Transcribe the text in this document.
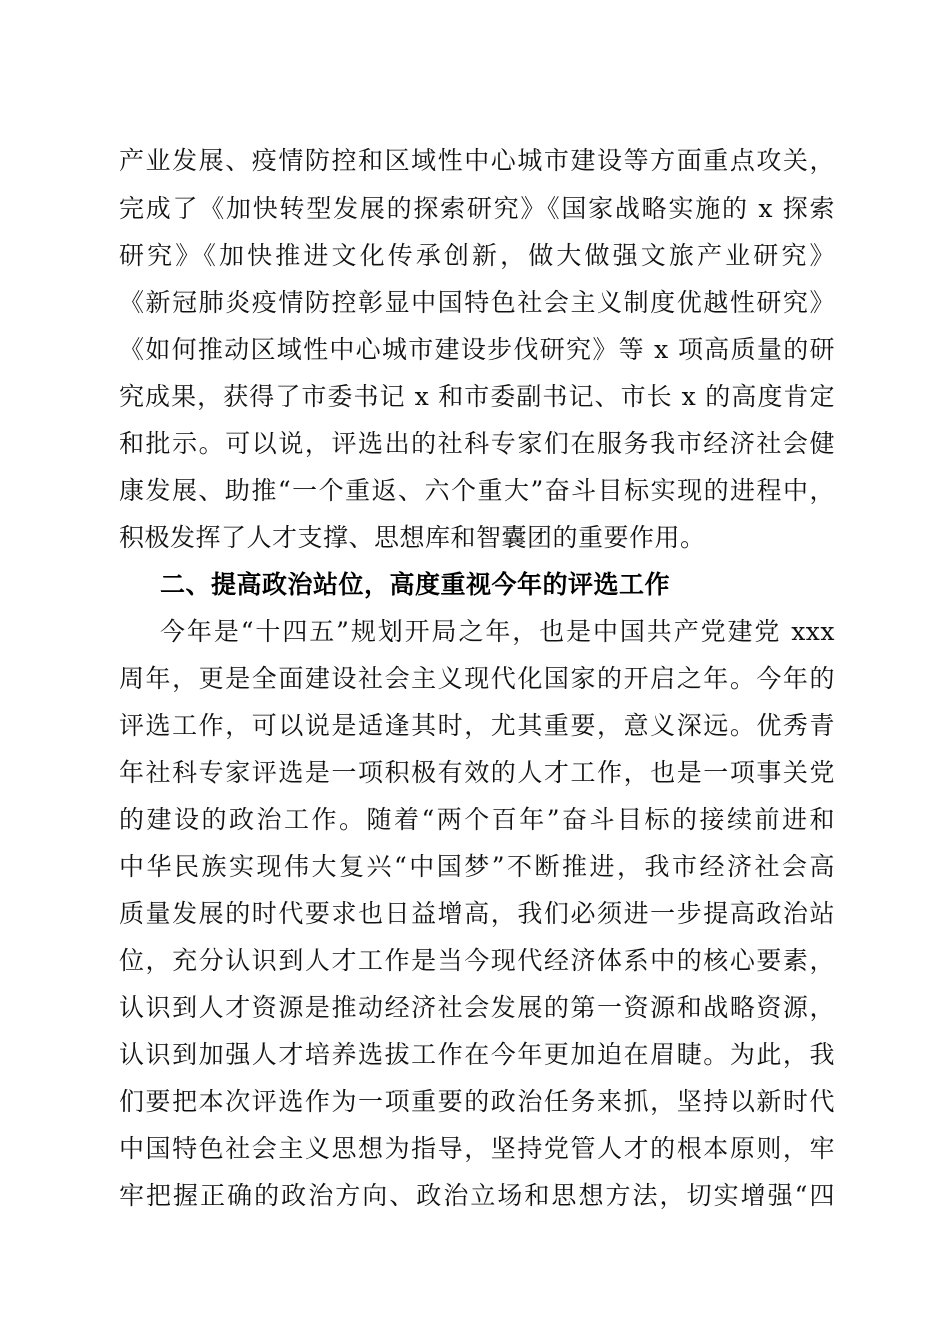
产业发展、疫情防控和区域性中心城市建设等方面重点攻关，
完成了《加快转型发展的探索研究》《国家战略实施的 x 探索
研究》《加快推进文化传承创新，做大做强文旅产业研究》
《新冠肺炎疫情防控彰显中国特色社会主义制度优越性研究》
《如何推动区域性中心城市建设步伐研究》等 x 项高质量的研
究成果，获得了市委书记 x 和市委副书记、市长 x 的高度肯定
和批示。可以说，评选出的社科专家们在服务我市经济社会健
康发展、助推“一个重返、六个重大”奋斗目标实现的进程中，
积极发挥了人才支撑、思想库和智囊团的重要作用。
二、提高政治站位，高度重视今年的评选工作
今年是“十四五”规划开局之年，也是中国共产党建党 xxx
周年，更是全面建设社会主义现代化国家的开启之年。今年的
评选工作，可以说是适逢其时，尤其重要，意义深远。优秀青
年社科专家评选是一项积极有效的人才工作，也是一项事关党
的建设的政治工作。随着“两个百年”奋斗目标的接续前进和
中华民族实现伟大复兴“中国梦”不断推进，我市经济社会高
质量发展的时代要求也日益增高，我们必须进一步提高政治站
位，充分认识到人才工作是当今现代经济体系中的核心要素，
认识到人才资源是推动经济社会发展的第一资源和战略资源，
认识到加强人才培养选拔工作在今年更加迫在眉睫。为此，我
们要把本次评选作为一项重要的政治任务来抓，坚持以新时代
中国特色社会主义思想为指导，坚持党管人才的根本原则，牢
牢把握正确的政治方向、政治立场和思想方法，切实增强“四
